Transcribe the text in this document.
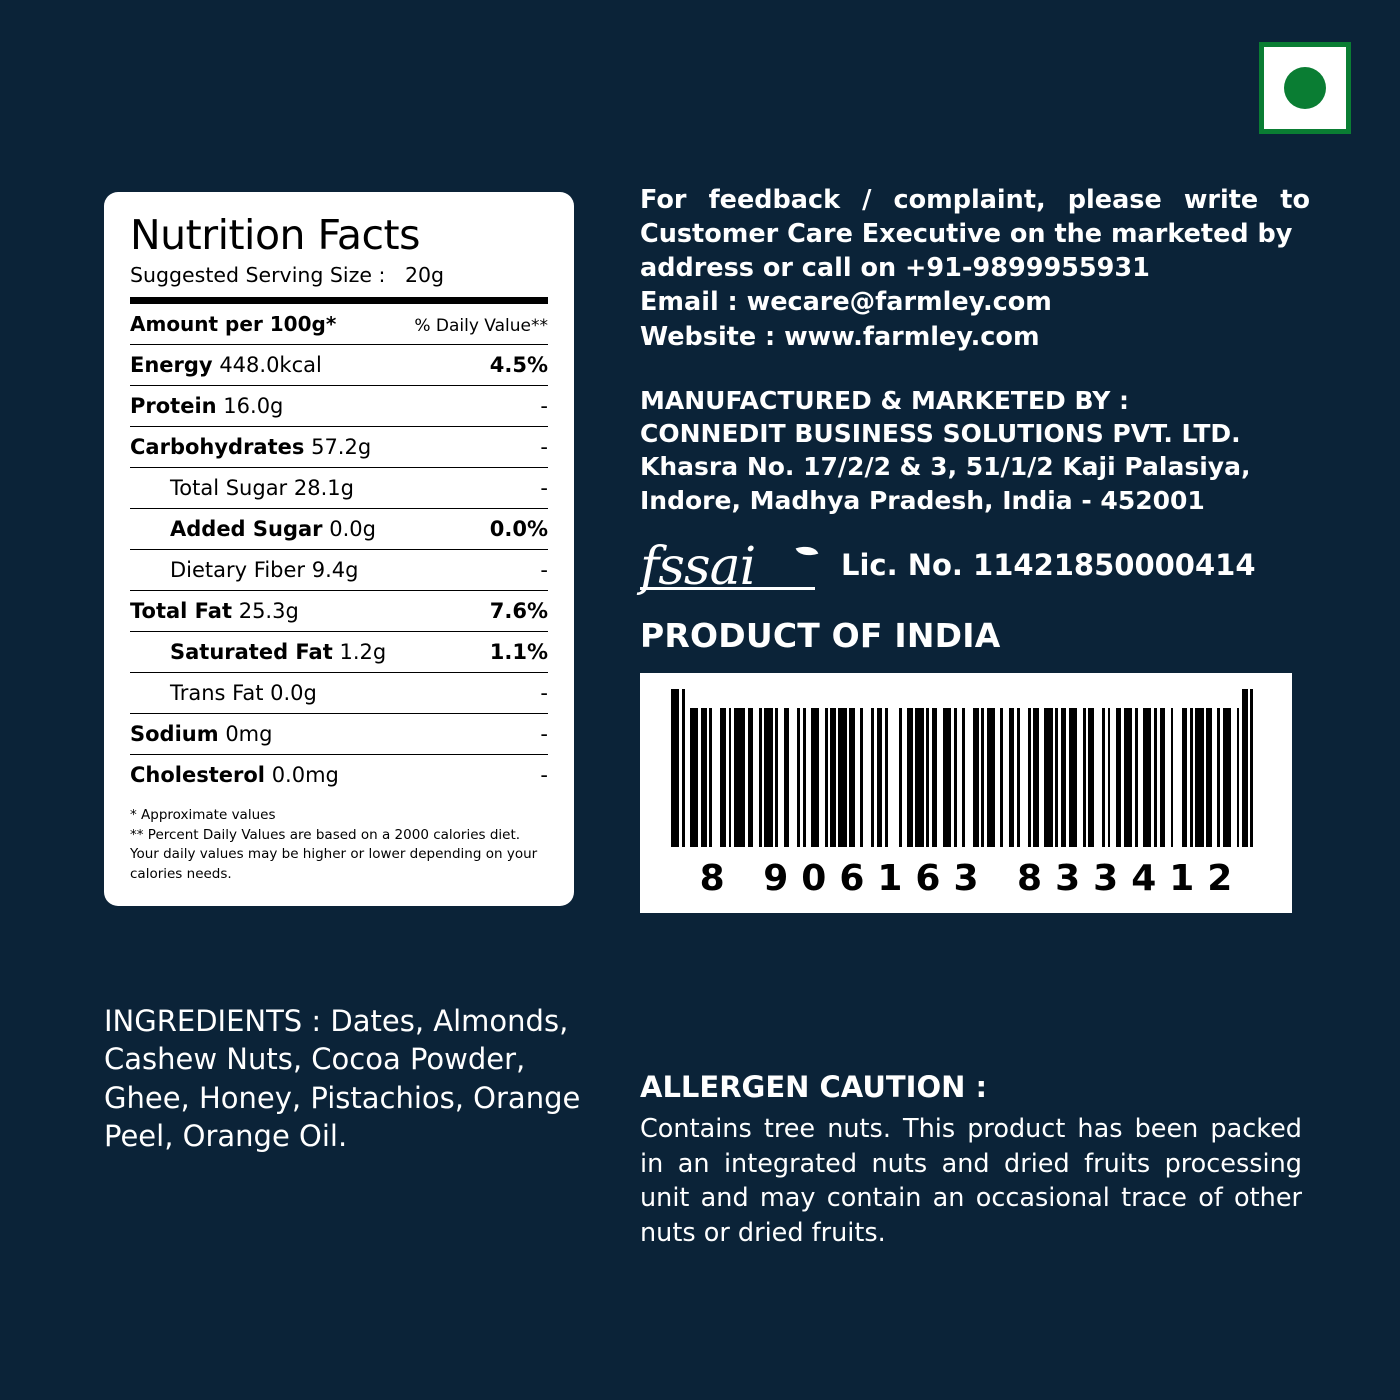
Nutrition Facts
Suggested Serving Size :   20g
Amount per 100g*	% Daily Value**
Energy 448.0kcal	4.5%
Protein 16.0g	-
Carbohydrates 57.2g	-
Total Sugar 28.1g	-
Added Sugar 0.0g	0.0%
Dietary Fiber 9.4g	-
Total Fat 25.3g	7.6%
Saturated Fat 1.2g	1.1%
Trans Fat 0.0g	-
Sodium 0mg	-
Cholesterol 0.0mg	-
* Approximate values
** Percent Daily Values are based on a 2000 calories diet. Your daily values may be higher or lower depending on your calories needs.
INGREDIENTS : Dates, Almonds, Cashew Nuts, Cocoa Powder, Ghee, Honey, Pistachios, Orange Peel, Orange Oil.
For feedback / complaint, please write to Customer Care Executive on the marketed by
address or call on +91-9899955931
Email : wecare@farmley.com
Website : www.farmley.com
MANUFACTURED & MARKETED BY :
CONNEDIT BUSINESS SOLUTIONS PVT. LTD.
Khasra No. 17/2/2 & 3, 51/1/2 Kaji Palasiya,
Indore, Madhya Pradesh, India - 452001
fssai	Lic. No. 11421850000414
PRODUCT OF INDIA
8 906163 833412
ALLERGEN CAUTION :
Contains tree nuts. This product has been packed in an integrated nuts and dried fruits processing unit and may contain an occasional trace of other nuts or dried fruits.
